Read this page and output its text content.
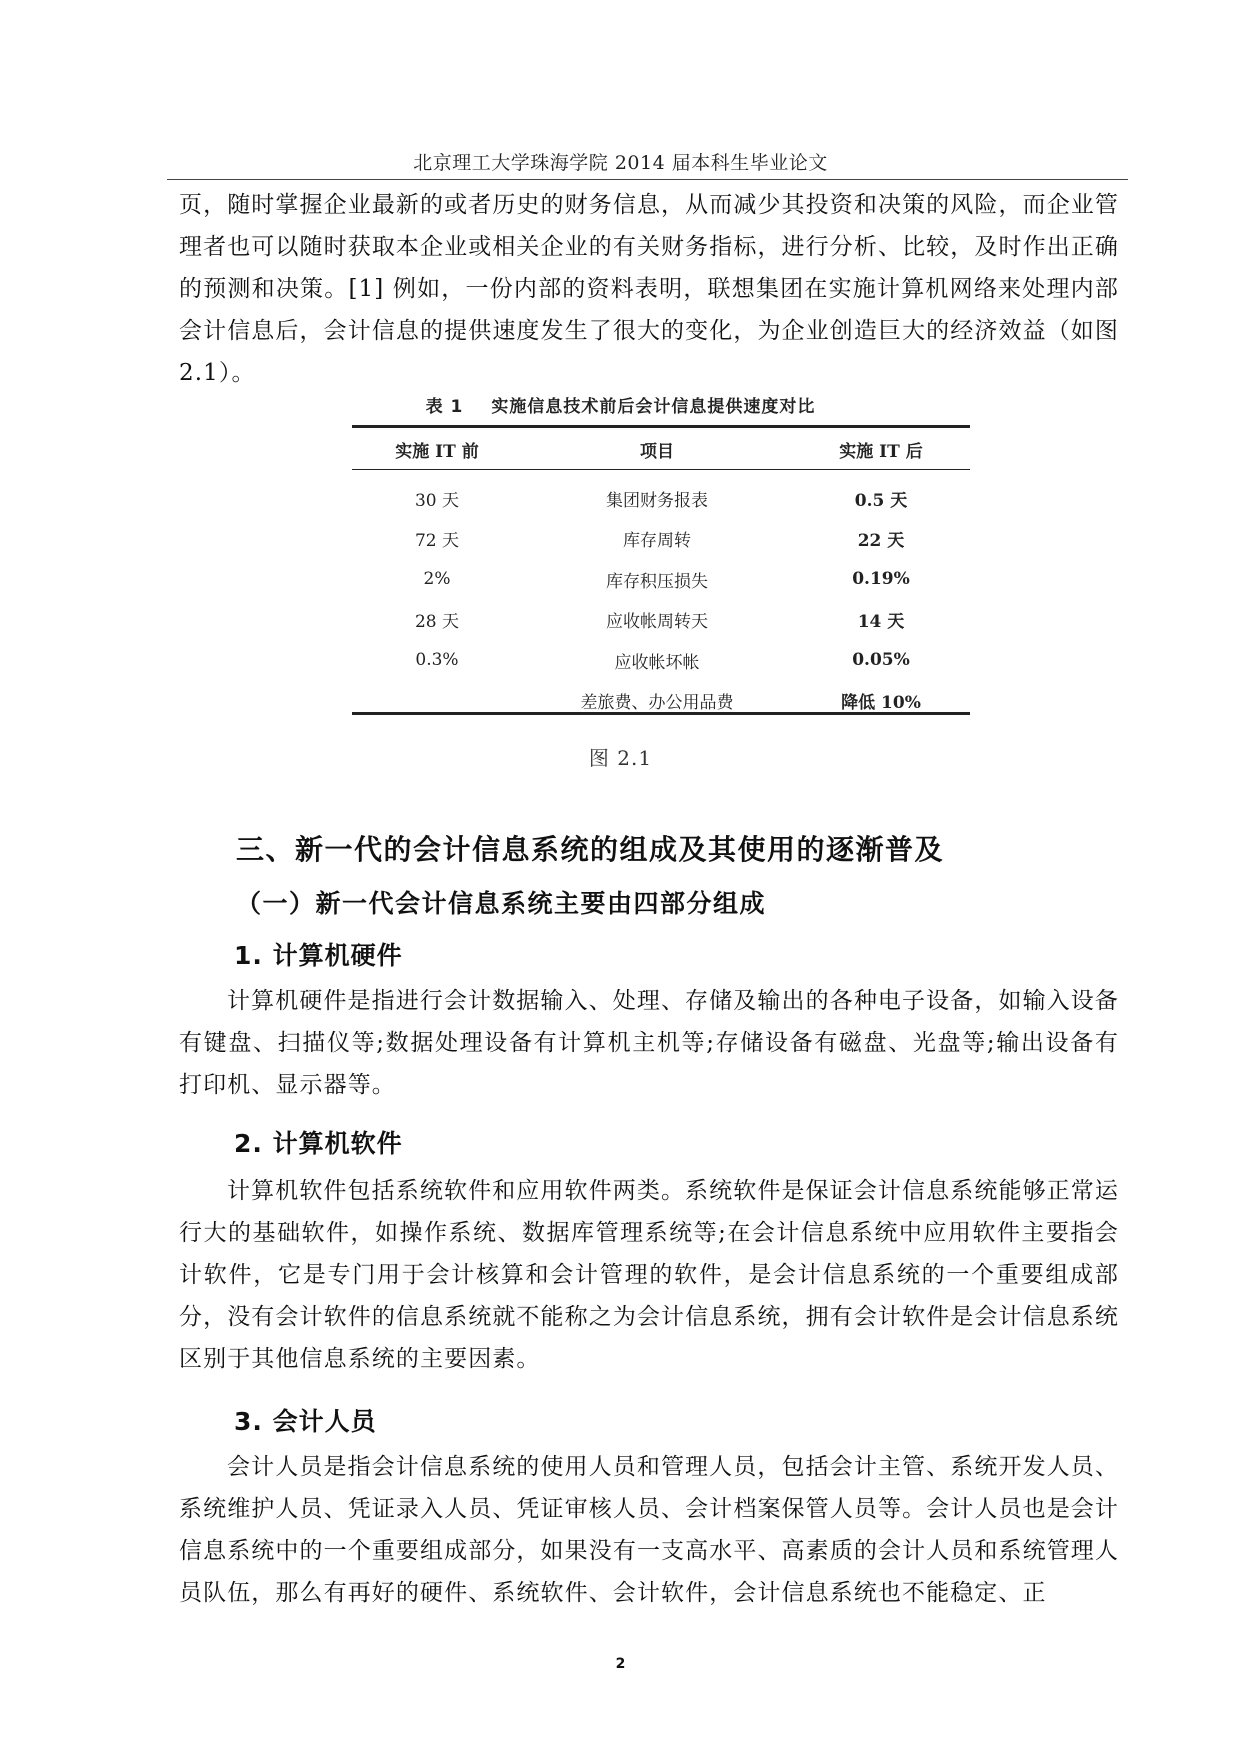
北京理工大学珠海学院 2014 届本科生毕业论文

页，随时掌握企业最新的或者历史的财务信息，从而减少其投资和决策的风险，而企业管理者也可以随时获取本企业或相关企业的有关财务指标，进行分析、比较，及时作出正确的预测和决策。[1] 例如，一份内部的资料表明，联想集团在实施计算机网络来处理内部会计信息后，会计信息的提供速度发生了很大的变化，为企业创造巨大的经济效益（如图 2.1）。

表 1 实施信息技术前后会计信息提供速度对比
实施 IT 前	项目	实施 IT 后
30 天	集团财务报表	0.5 天
72 天	库存周转	22 天
2%	库存积压损失	0.19%
28 天	应收帐周转天	14 天
0.3%	应收帐坏帐	0.05%
	差旅费、办公用品费	降低 10%
图 2.1
三、新一代的会计信息系统的组成及其使用的逐渐普及
（一）新一代会计信息系统主要由四部分组成
1. 计算机硬件

计算机硬件是指进行会计数据输入、处理、存储及输出的各种电子设备，如输入设备有键盘、扫描仪等;数据处理设备有计算机主机等;存储设备有磁盘、光盘等;输出设备有打印机、显示器等。

2. 计算机软件

计算机软件包括系统软件和应用软件两类。系统软件是保证会计信息系统能够正常运行大的基础软件，如操作系统、数据库管理系统等;在会计信息系统中应用软件主要指会计软件，它是专门用于会计核算和会计管理的软件，是会计信息系统的一个重要组成部分，没有会计软件的信息系统就不能称之为会计信息系统，拥有会计软件是会计信息系统区别于其他信息系统的主要因素。

3. 会计人员

会计人员是指会计信息系统的使用人员和管理人员，包括会计主管、系统开发人员、系统维护人员、凭证录入人员、凭证审核人员、会计档案保管人员等。会计人员也是会计信息系统中的一个重要组成部分，如果没有一支高水平、高素质的会计人员和系统管理人员队伍，那么有再好的硬件、系统软件、会计软件，会计信息系统也不能稳定、正

2
